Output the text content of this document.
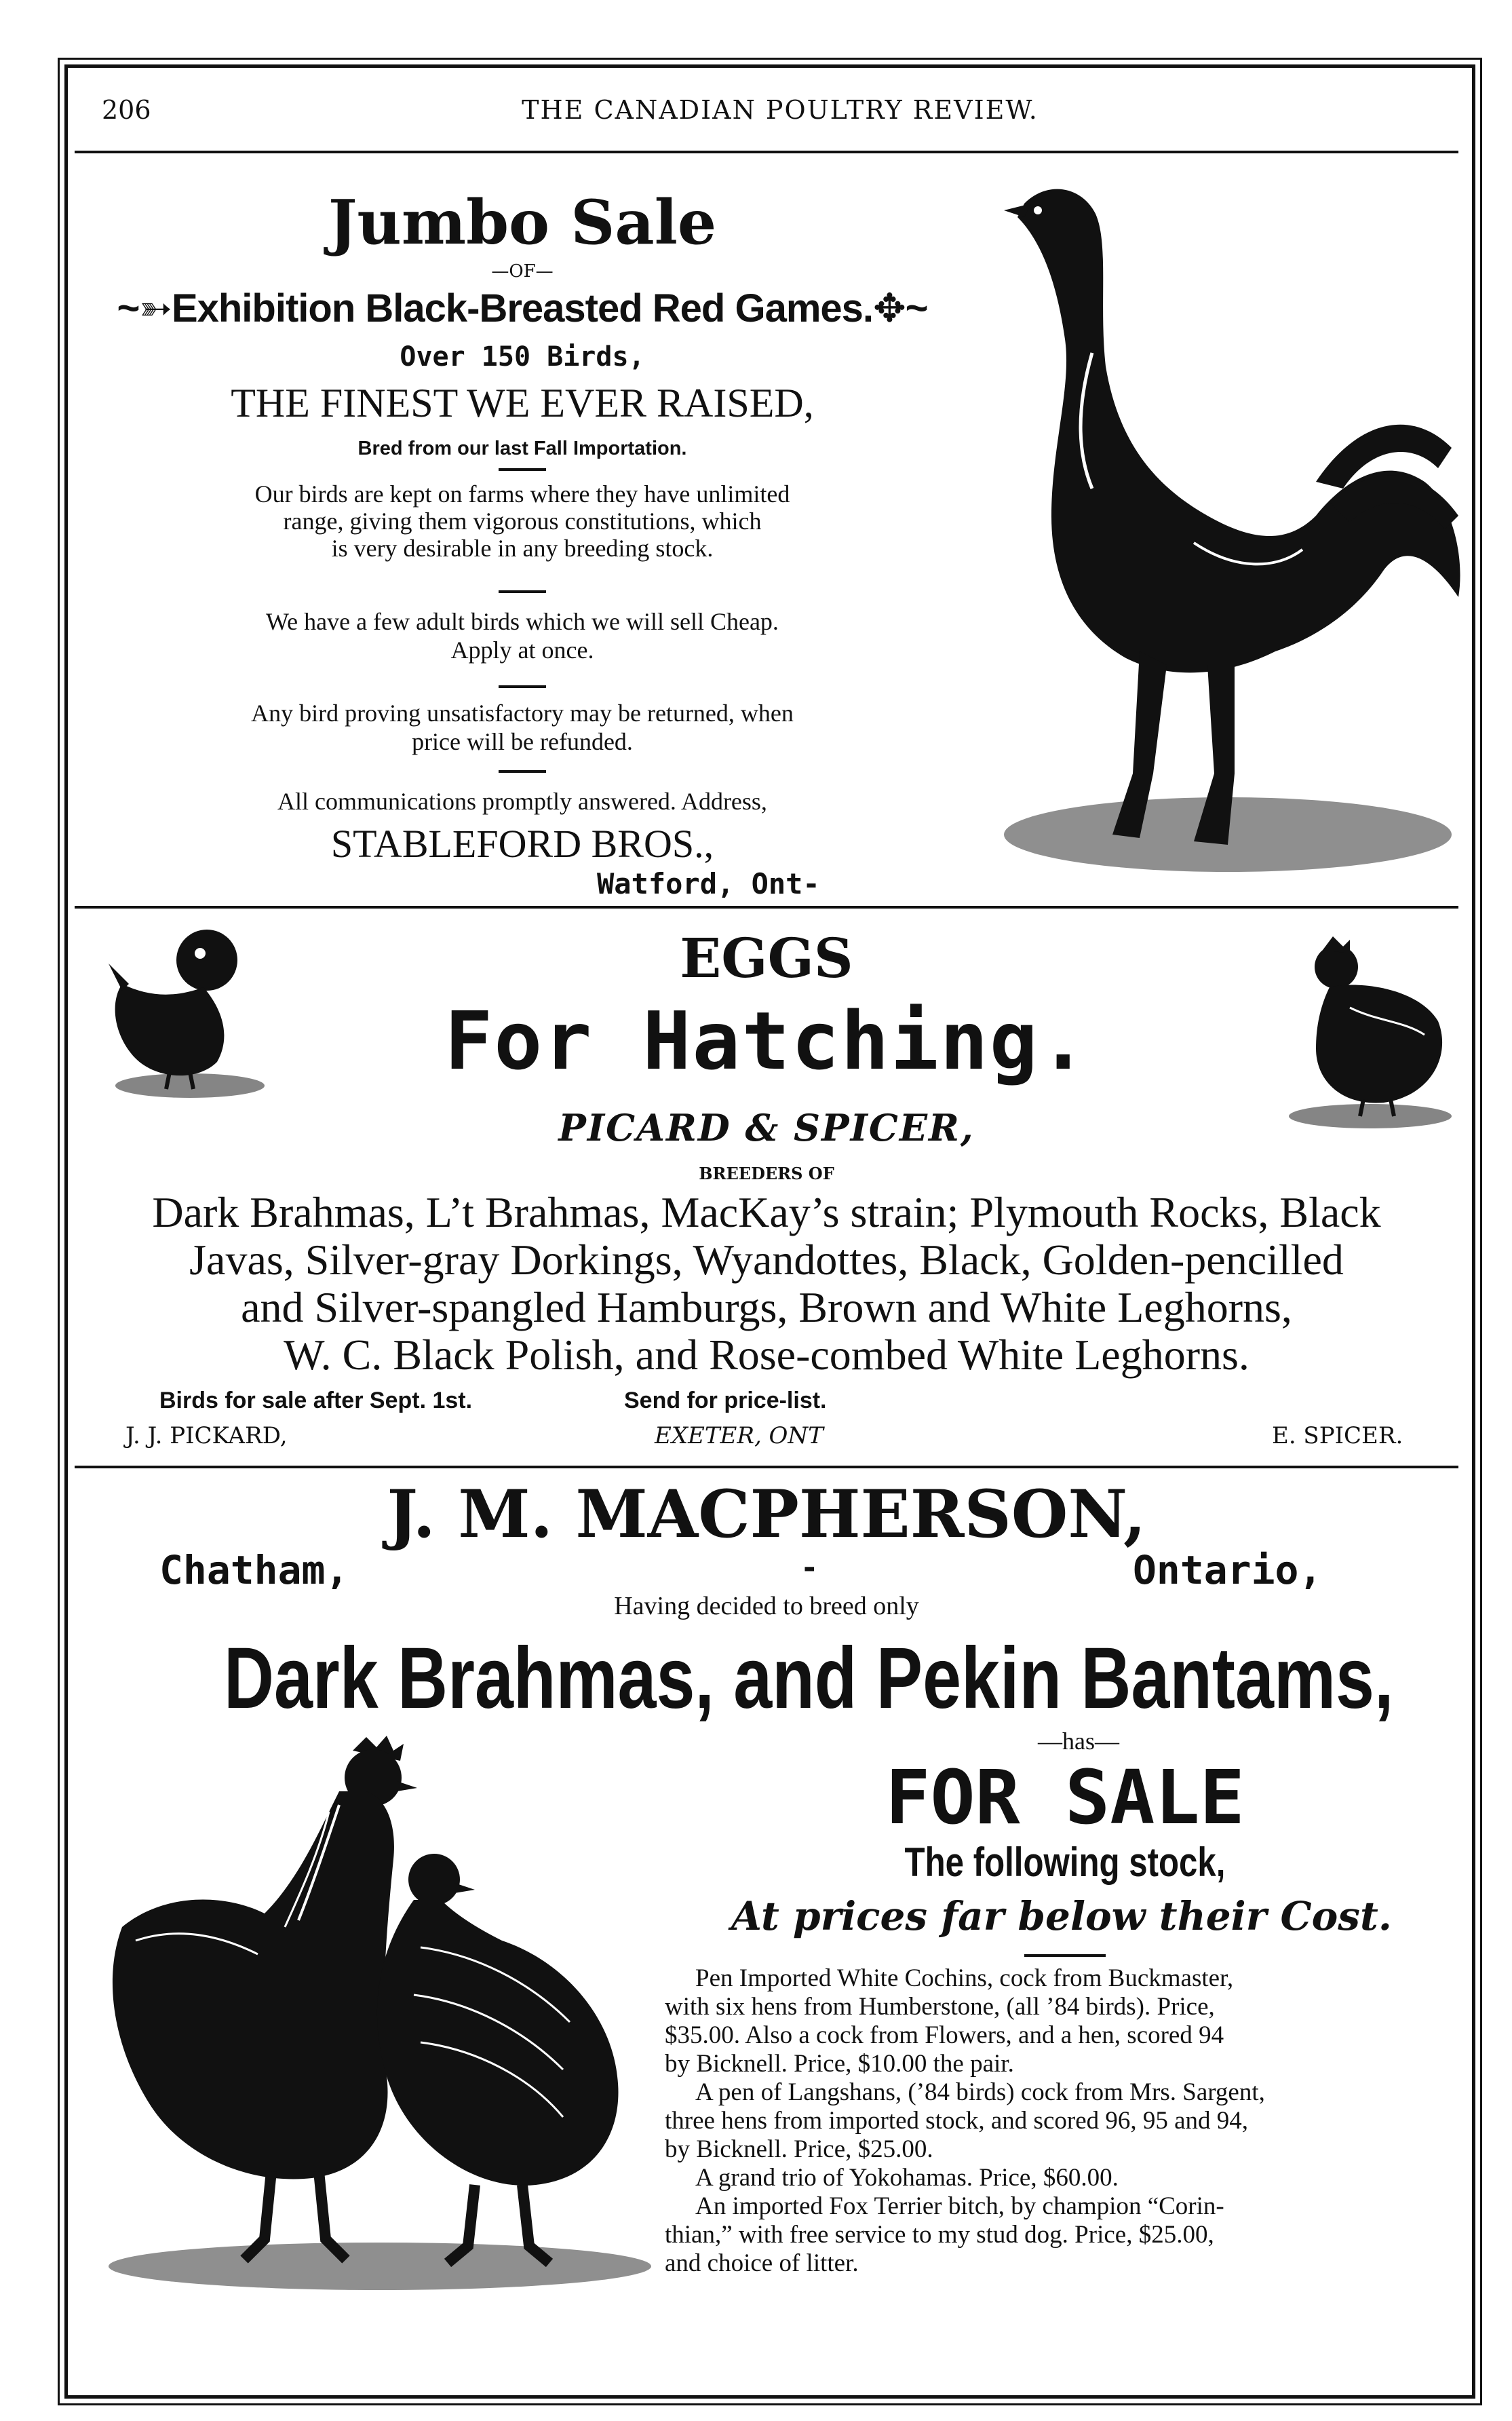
206	THE CANADIAN POULTRY REVIEW.
Jumbo Sale
—OF—
~➳Exhibition Black-Breasted Red Games.✥~
Over 150 Birds,
THE FINEST WE EVER RAISED,
Bred from our last Fall Importation.
Our birds are kept on farms where they have unlimited
range, giving them vigorous constitutions, which
is very desirable in any breeding stock.
We have a few adult birds which we will sell Cheap.
Apply at once.
Any bird proving unsatisfactory may be returned, when
price will be refunded.
All communications promptly answered. Address,
STABLEFORD BROS.,
Watford, Ont-
EGGS
For Hatching.
PICARD & SPICER,
BREEDERS OF
Dark Brahmas, L’t Brahmas, MacKay’s strain; Plymouth Rocks, Black
Javas, Silver-gray Dorkings, Wyandottes, Black, Golden-pencilled
and Silver-spangled Hamburgs, Brown and White Leghorns,
W. C. Black Polish, and Rose-combed White Leghorns.
Birds for sale after Sept. 1st.	Send for price-list.
J. J. PICKARD,	EXETER, ONT	E. SPICER.
J. M. MACPHERSON,
Chatham,	-	Ontario,
Having decided to breed only
Dark Brahmas, and Pekin Bantams,
—has—
FOR SALE
The following stock,
At prices far below their Cost.
Pen Imported White Cochins, cock from Buckmaster,
with six hens from Humberstone, (all ’84 birds). Price,
$35.00. Also a cock from Flowers, and a hen, scored 94
by Bicknell. Price, $10.00 the pair.
A pen of Langshans, (’84 birds) cock from Mrs. Sargent,

three hens from imported stock, and scored 96, 95 and 94,
by Bicknell. Price, $25.00.
A grand trio of Yokohamas. Price, $60.00.
An imported Fox Terrier bitch, by champion “Corin-
thian,” with free service to my stud dog. Price, $25.00,
and choice of litter.
